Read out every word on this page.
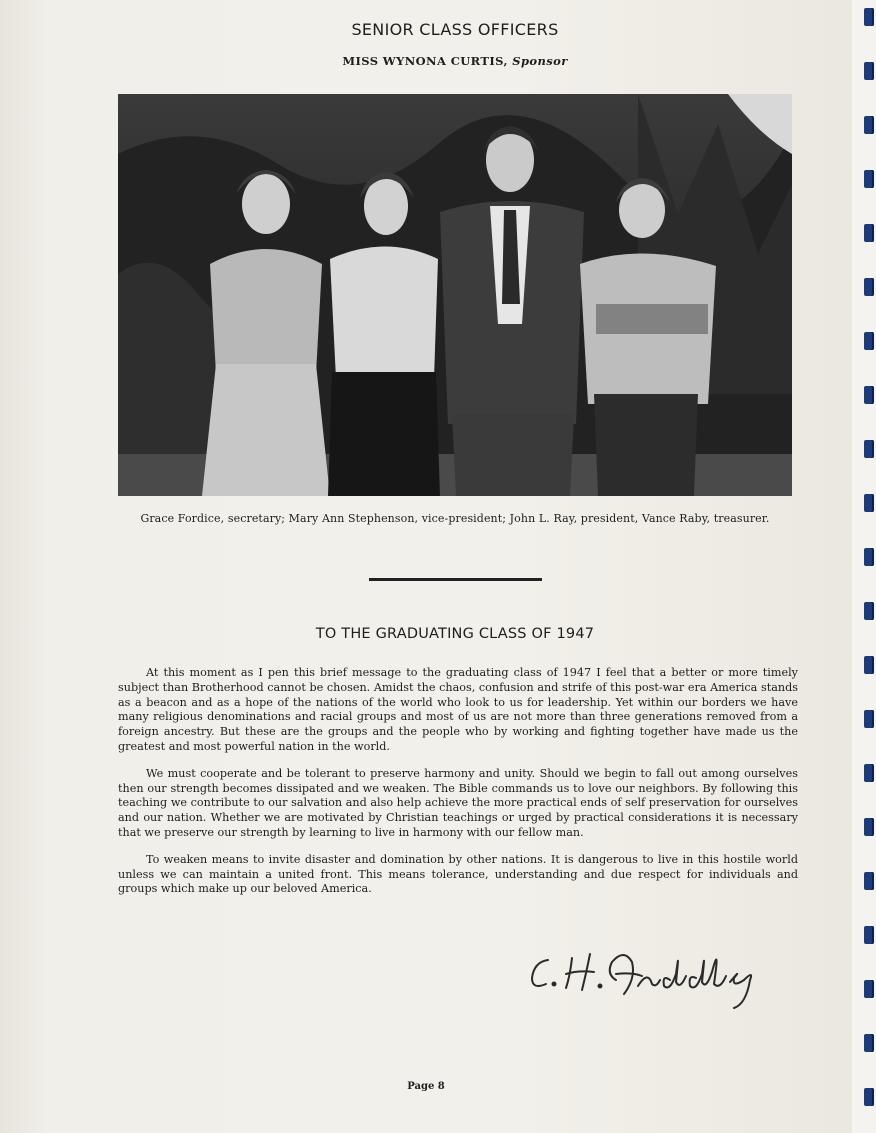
SENIOR CLASS OFFICERS
MISS WYNONA CURTIS, Sponsor

Grace Fordice, secretary; Mary Ann Stephenson, vice-president; John L. Ray, president, Vance Raby, treasurer.

TO THE GRADUATING CLASS OF 1947

At this moment as I pen this brief message to the graduating class of 1947 I feel that a better or more timely subject than Brotherhood cannot be chosen. Amidst the chaos, confusion and strife of this post-war era America stands as a beacon and as a hope of the nations of the world who look to us for leadership. Yet within our borders we have many religious denominations and racial groups and most of us are not more than three generations removed from a foreign ancestry. But these are the groups and the people who by working and fighting together have made us the greatest and most powerful nation in the world.

We must cooperate and be tolerant to preserve harmony and unity. Should we begin to fall out among ourselves then our strength becomes dissipated and we weaken. The Bible commands us to love our neighbors. By following this teaching we contribute to our salvation and also help achieve the more practical ends of self preservation for ourselves and our nation. Whether we are motivated by Christian teachings or urged by practical considerations it is necessary that we preserve our strength by learning to live in harmony with our fellow man.

To weaken means to invite disaster and domination by other nations. It is dangerous to live in this hostile world unless we can maintain a united front. This means tolerance, understanding and due respect for individuals and groups which make up our beloved America.

Page 8
